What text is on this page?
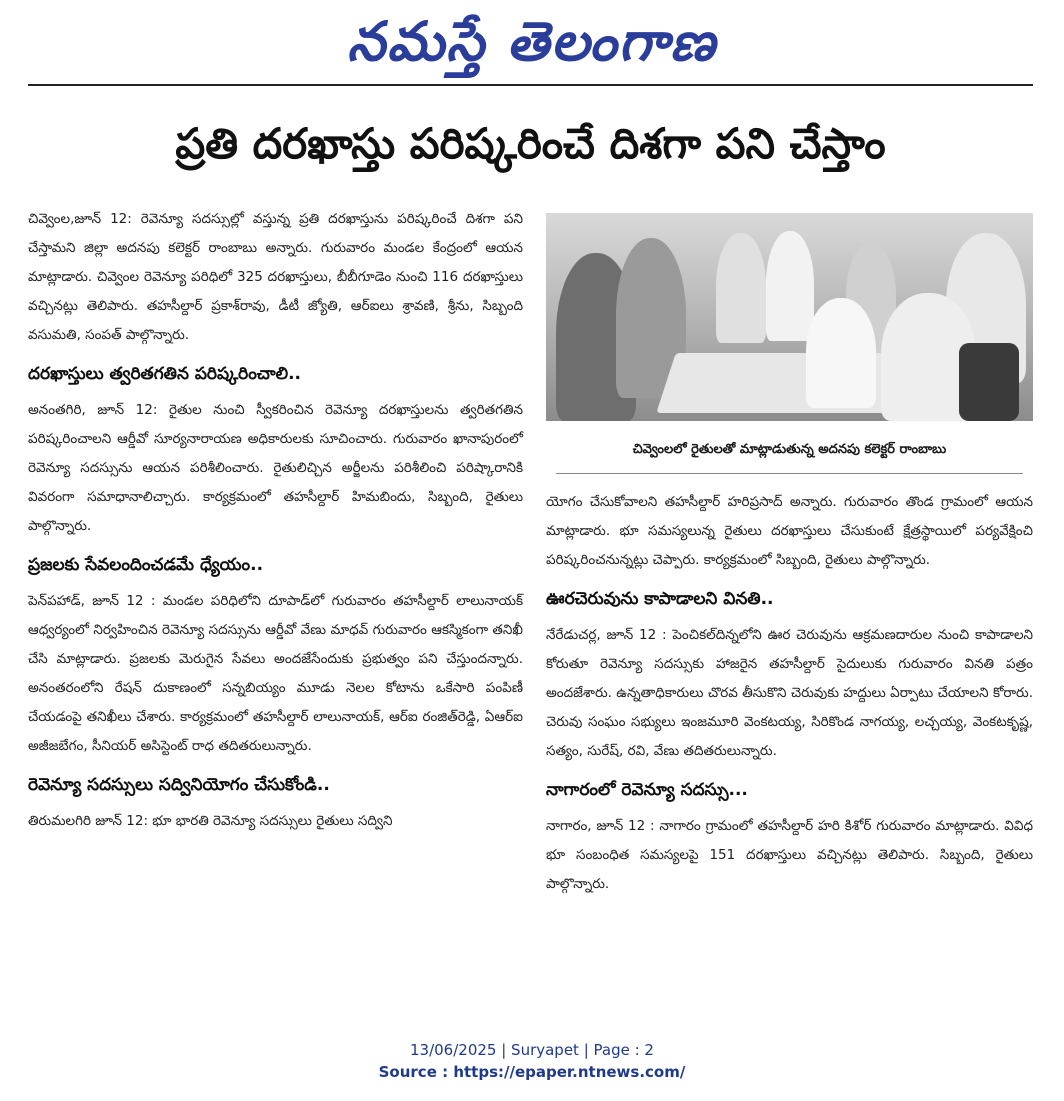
నమస్తే తెలంగాణ
ప్రతి దరఖాస్తు పరిష్కరించే దిశగా పని చేస్తాం

చివ్వెంల,జూన్ 12: రెవెన్యూ సదస్సుల్లో వస్తున్న ప్రతి దరఖాస్తును పరిష్కరించే దిశగా పని చేస్తామని జిల్లా అదనపు కలెక్టర్ రాంబాబు అన్నారు. గురువారం మండల కేంద్రంలో ఆయన మాట్లాడారు. చివ్వెంల రెవెన్యూ పరిధిలో 325 దరఖాస్తులు, బీబీగూడెం నుంచి 116 దరఖాస్తులు వచ్చినట్లు తెలిపారు. తహసీల్దార్ ప్రకాశ్‌రావు, డీటీ జ్యోతి, ఆర్ఐలు శ్రావణి, శ్రీను, సిబ్బంది వసుమతి, సంపత్ పాల్గొన్నారు.

దరఖాస్తులు త్వరితగతిన పరిష్కరించాలి..

అనంతగిరి, జూన్ 12: రైతుల నుంచి స్వీకరించిన రెవెన్యూ దరఖాస్తులను త్వరితగతిన పరిష్కరించాలని ఆర్డీవో సూర్యనారాయణ అధికారులకు సూచించారు. గురువారం ఖానాపురంలో రెవెన్యూ సదస్సును ఆయన పరిశీలించారు. రైతులిచ్చిన అర్జీలను పరిశీలించి పరిష్కారానికి వివరంగా సమాధానాలిచ్చారు. కార్యక్రమంలో తహసీల్దార్ హిమబిందు, సిబ్బంది, రైతులు పాల్గొన్నారు.

ప్రజలకు సేవలందించడమే ధ్యేయం..

పెన్‌పహాడ్, జూన్ 12 : మండల పరిధిలోని దూపాడ్‌లో గురువారం తహసీల్దార్ లాలునాయక్ ఆధ్వర్యంలో నిర్వహించిన రెవెన్యూ సదస్సును ఆర్డీవో వేణు మాధవ్ గురువారం ఆకస్మికంగా తనిఖీ చేసి మాట్లాడారు. ప్రజలకు మెరుగైన సేవలు అందజేసేందుకు ప్రభుత్వం పని చేస్తుందన్నారు. అనంతరంలోని రేషన్ దుకాణంలో సన్నబియ్యం మూడు నెలల కోటాను ఒకేసారి పంపిణీ చేయడంపై తనిఖీలు చేశారు. కార్యక్రమంలో తహసీల్దార్ లాలునాయక్, ఆర్ఐ రంజిత్‌రెడ్డి, ఏఆర్ఐ అజీజబేగం, సీనియర్ అసిస్టెంట్ రాధ తదితరులున్నారు.

రెవెన్యూ సదస్సులు సద్వినియోగం చేసుకోండి..

తిరుమలగిరి జూన్ 12: భూ భారతి రెవెన్యూ సదస్సులు రైతులు సద్విని

చివ్వెంలలో రైతులతో మాట్లాడుతున్న అదనపు కలెక్టర్ రాంబాబు

యోగం చేసుకోవాలని తహసీల్దార్ హరిప్రసాద్ అన్నారు. గురువారం తొండ గ్రామంలో ఆయన మాట్లాడారు. భూ సమస్యలున్న రైతులు దరఖాస్తులు చేసుకుంటే క్షేత్రస్థాయిలో పర్యవేక్షించి పరిష్కరించనున్నట్లు చెప్పారు. కార్యక్రమంలో సిబ్బంది, రైతులు పాల్గొన్నారు.

ఊరచెరువును కాపాడాలని వినతి..

నేరేడుచర్ల, జూన్ 12 : పెంచికల్‌దిన్నలోని ఊర చెరువును ఆక్రమణదారుల నుంచి కాపాడాలని కోరుతూ రెవెన్యూ సదస్సుకు హాజరైన తహసీల్దార్ సైదులుకు గురువారం వినతి పత్రం అందజేశారు. ఉన్నతాధికారులు చొరవ తీసుకొని చెరువుకు హద్దులు ఏర్పాటు చేయాలని కోరారు. చెరువు సంఘం సభ్యులు ఇంజమూరి వెంకటయ్య, సిరికొండ నాగయ్య, లచ్చయ్య, వెంకటకృష్ణ, సత్యం, సురేష్, రవి, వేణు తదితరులున్నారు.

నాగారంలో రెవెన్యూ సదస్సు...

నాగారం, జూన్ 12 : నాగారం గ్రామంలో తహసీల్దార్ హరి కిశోర్ గురువారం మాట్లాడారు. వివిధ భూ సంబంధిత సమస్యలపై 151 దరఖాస్తులు వచ్చినట్లు తెలిపారు. సిబ్బంది, రైతులు పాల్గొన్నారు.

13/06/2025 | Suryapet | Page : 2
Source : https://epaper.ntnews.com/
